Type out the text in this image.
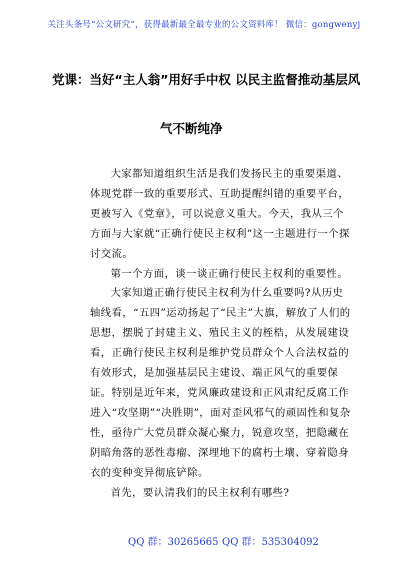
关注头条号“公文研究”，获得最新最全最专业的公文资料库！ 微信：gongwenyj
党课：当好“主人翁”用好手中权 以民主监督推动基层风
气不断纯净

大家都知道组织生活是我们发扬民主的重要渠道、体现党群一致的重要形式、互助提醒纠错的重要平台，更被写入《党章》，可以说意义重大。今天，我从三个方面与大家就“正确行使民主权利”这一主题进行一个探讨交流。

第一个方面，谈一谈正确行使民主权利的重要性。

大家知道正确行使民主权利为什么重要吗?从历史轴线看，“五四”运动扬起了“民主”大旗，解放了人们的思想，摆脱了封建主义、殖民主义的桎梏，从发展建设看，正确行使民主权利是维护党员群众个人合法权益的有效形式，是加强基层民主建设、端正风气的重要保证。特别是近年来，党风廉政建设和正风肃纪反腐工作进入“攻坚期”“决胜期”，面对歪风邪气的顽固性和复杂性，亟待广大党员群众凝心聚力，锐意攻坚，把隐藏在阴暗角落的恶性毒瘤、深埋地下的腐朽土壤、穿着隐身衣的变种变异彻底铲除。

首先，要认清我们的民主权利有哪些?

QQ 群：30265665 QQ 群：535304092
